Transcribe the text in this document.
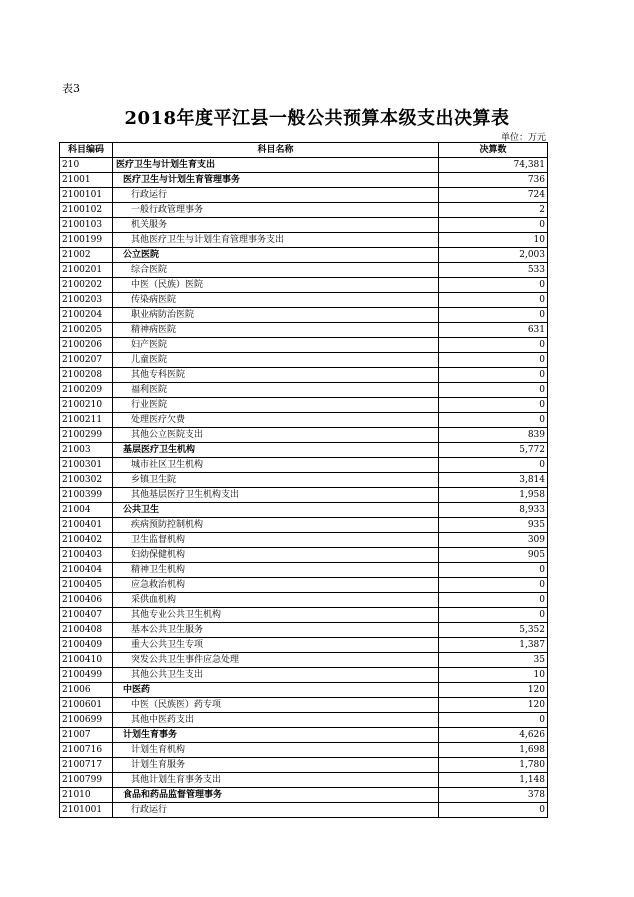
表3
2018年度平江县一般公共预算本级支出决算表
单位：万元
科目编码	科目名称	决算数
210	医疗卫生与计划生育支出	74,381
21001	医疗卫生与计划生育管理事务	736
2100101	行政运行	724
2100102	一般行政管理事务	2
2100103	机关服务	0
2100199	其他医疗卫生与计划生育管理事务支出	10
21002	公立医院	2,003
2100201	综合医院	533
2100202	中医（民族）医院	0
2100203	传染病医院	0
2100204	职业病防治医院	0
2100205	精神病医院	631
2100206	妇产医院	0
2100207	儿童医院	0
2100208	其他专科医院	0
2100209	福利医院	0
2100210	行业医院	0
2100211	处理医疗欠费	0
2100299	其他公立医院支出	839
21003	基层医疗卫生机构	5,772
2100301	城市社区卫生机构	0
2100302	乡镇卫生院	3,814
2100399	其他基层医疗卫生机构支出	1,958
21004	公共卫生	8,933
2100401	疾病预防控制机构	935
2100402	卫生监督机构	309
2100403	妇幼保健机构	905
2100404	精神卫生机构	0
2100405	应急救治机构	0
2100406	采供血机构	0
2100407	其他专业公共卫生机构	0
2100408	基本公共卫生服务	5,352
2100409	重大公共卫生专项	1,387
2100410	突发公共卫生事件应急处理	35
2100499	其他公共卫生支出	10
21006	中医药	120
2100601	中医（民族医）药专项	120
2100699	其他中医药支出	0
21007	计划生育事务	4,626
2100716	计划生育机构	1,698
2100717	计划生育服务	1,780
2100799	其他计划生育事务支出	1,148
21010	食品和药品监督管理事务	378
2101001	行政运行	0
